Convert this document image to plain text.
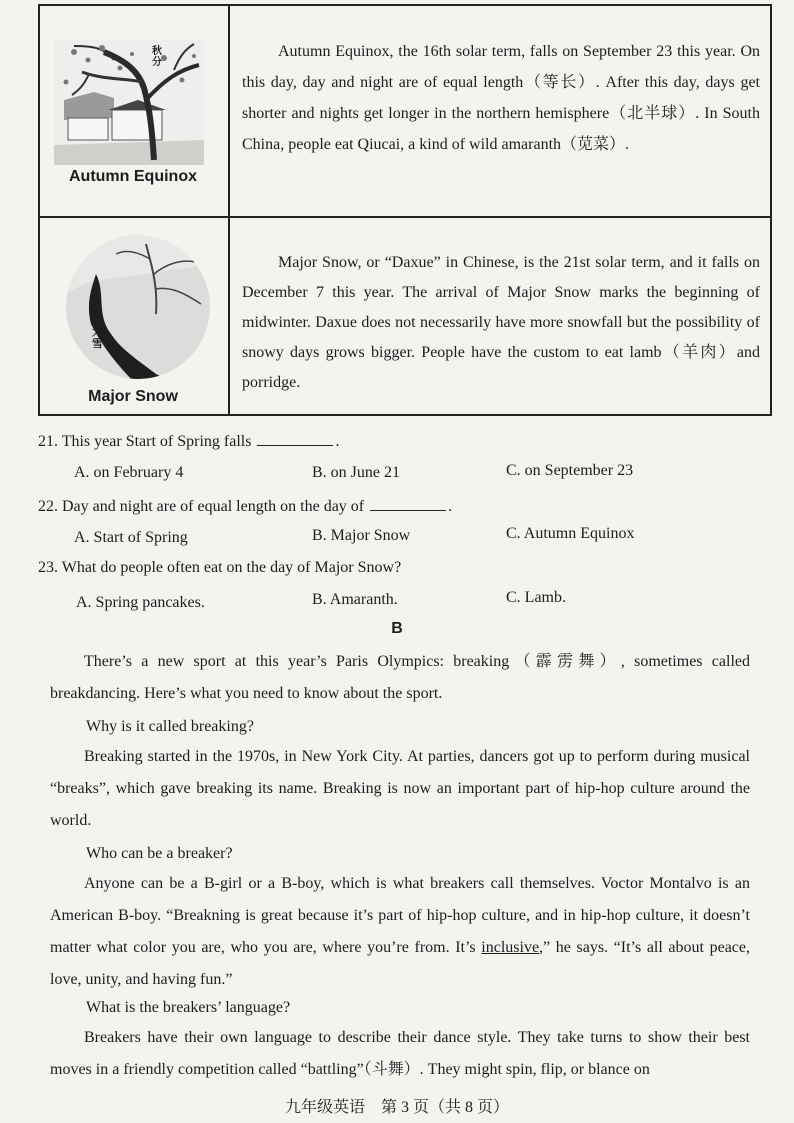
秋分
Autumn Equinox
Autumn Equinox, the 16th solar term, falls on September 23 this year. On this day, day and night are of equal length（等长）. After this day, days get shorter and nights get longer in the northern hemisphere（北半球）. In South China, people eat Qiucai, a kind of wild amaranth（苋菜）.
大雪
Major Snow
Major Snow, or “Daxue” in Chinese, is the 21st solar term, and it falls on December 7 this year. The arrival of Major Snow marks the beginning of midwinter. Daxue does not necessarily have more snowfall but the possibility of snowy days grows bigger. People have the custom to eat lamb（羊肉）and porridge.
21. This year Start of Spring falls	.
A. on February 4	B. on June 21	C. on September 23
22. Day and night are of equal length on the day of	.
A. Start of Spring	B. Major Snow	C. Autumn Equinox
23. What do people often eat on the day of Major Snow?
A. Spring pancakes.	B. Amaranth.	C. Lamb.
B
There’s a new sport at this year’s Paris Olympics: breaking（霹雳舞）, sometimes called breakdancing. Here’s what you need to know about the sport.
Why is it called breaking?
Breaking started in the 1970s, in New York City. At parties, dancers got up to perform during musical “breaks”, which gave breaking its name. Breaking is now an important part of hip-hop culture around the world.
Who can be a breaker?
Anyone can be a B-girl or a B-boy, which is what breakers call themselves. Voctor Montalvo is an American B-boy. “Breakning is great because it’s part of hip-hop culture, and in hip-hop culture, it doesn’t matter what color you are, who you are, where you’re from. It’s inclusive,” he says. “It’s all about peace, love, unity, and having fun.”
What is the breakers’ language?
Breakers have their own language to describe their dance style. They take turns to show their best moves in a friendly competition called “battling”（斗舞）. They might spin, flip, or blance on
九年级英语　第 3 页（共 8 页）
